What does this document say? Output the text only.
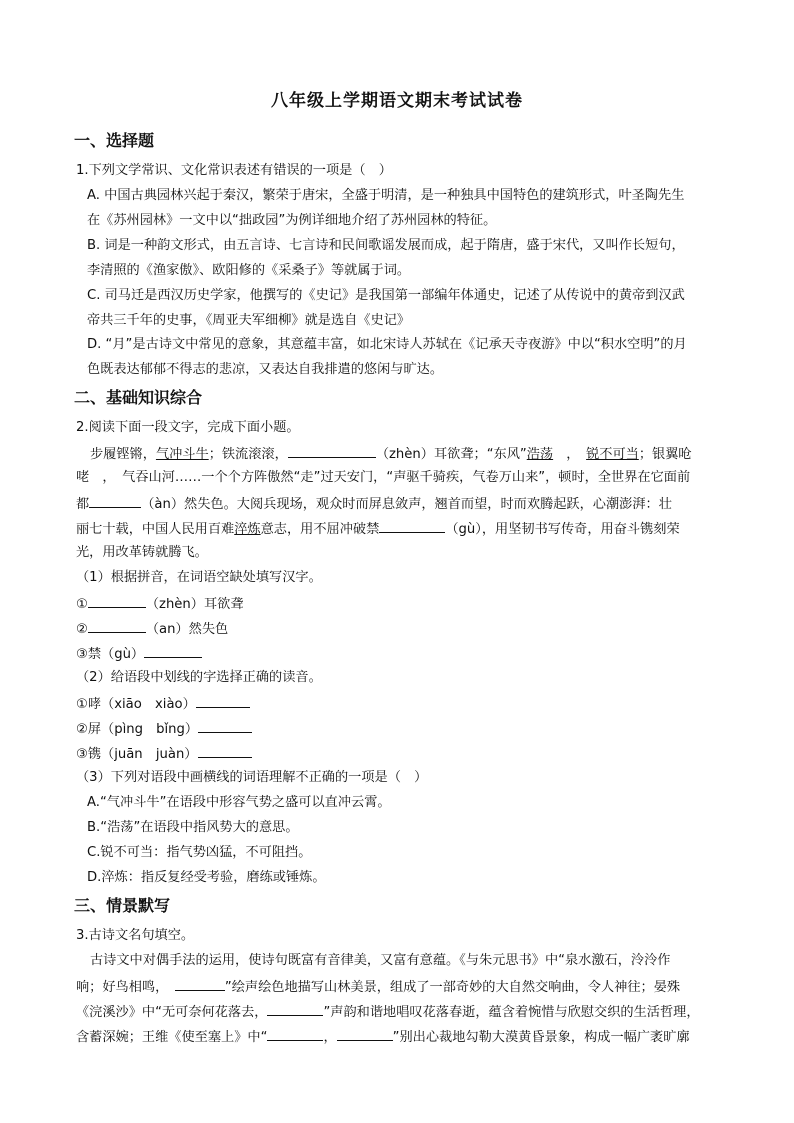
八年级上学期语文期末考试试卷
一、选择题
1.下列文学常识、文化常识表述有错误的一项是（　）
A. 中国古典园林兴起于秦汉，繁荣于唐宋，全盛于明清，是一种独具中国特色的建筑形式，叶圣陶先生
在《苏州园林》一文中以“拙政园”为例详细地介绍了苏州园林的特征。
B. 词是一种韵文形式，由五言诗、七言诗和民间歌谣发展而成，起于隋唐，盛于宋代，又叫作长短句，
李清照的《渔家傲》、欧阳修的《采桑子》等就属于词。
C. 司马迁是西汉历史学家，他撰写的《史记》是我国第一部编年体通史，记述了从传说中的黄帝到汉武
帝共三千年的史事，《周亚夫军细柳》就是选自《史记》
D. “月”是古诗文中常见的意象，其意蕴丰富，如北宋诗人苏轼在《记承天寺夜游》中以“积水空明”的月
色既表达郁郁不得志的悲凉，又表达自我排遣的悠闲与旷达。
二、基础知识综合
2.阅读下面一段文字，完成下面小题。
步履铿锵，气冲斗牛；铁流滚滚，	（zhèn）耳欲聋；“东风”浩荡　 ，　 锐不可当；银翼呛
咾　，　气吞山河……一个个方阵傲然“走”过天安门，“声驱千骑疾，气卷万山来”，顿时，全世界在它面前
都	（àn）然失色。大阅兵现场，观众时而屏息敛声，翘首而望，时而欢腾起跃，心潮澎湃：壮
丽七十载，中国人民用百难淬炼意志，用不屈冲破禁	（gù），用坚韧书写传奇，用奋斗镌刻荣
光，用改革铸就腾飞。
（1）根据拼音，在词语空缺处填写汉字。
①	（zhèn）耳欲聋
②	（an）然失色
③禁（gù）
（2）给语段中划线的字选择正确的读音。
①哮（xiāo　xiào）
②屏（pìng　bǐng）
③镌（juān　juàn）
（3）下列对语段中画横线的词语理解不正确的一项是（　）
A.“气冲斗牛”在语段中形容气势之盛可以直冲云霄。
B.“浩荡”在语段中指风势大的意思。
C.锐不可当：指气势凶猛，不可阻挡。
D.淬炼：指反复经受考验，磨练或锤炼。
三、情景默写
3.古诗文名句填空。
古诗文中对偶手法的运用，使诗句既富有音律美，又富有意蕴。《与朱元思书》中“泉水激石，泠泠作
响；好鸟相鸣，　	”绘声绘色地描写山林美景，组成了一部奇妙的大自然交响曲，令人神往；晏殊
《浣溪沙》中“无可奈何花落去，	”声韵和谐地唱叹花落春逝，蕴含着惋惜与欣慰交织的生活哲理，
含蓄深婉；王维《使至塞上》中“	，	”别出心裁地勾勒大漠黄昏景象，构成一幅广袤旷廓
